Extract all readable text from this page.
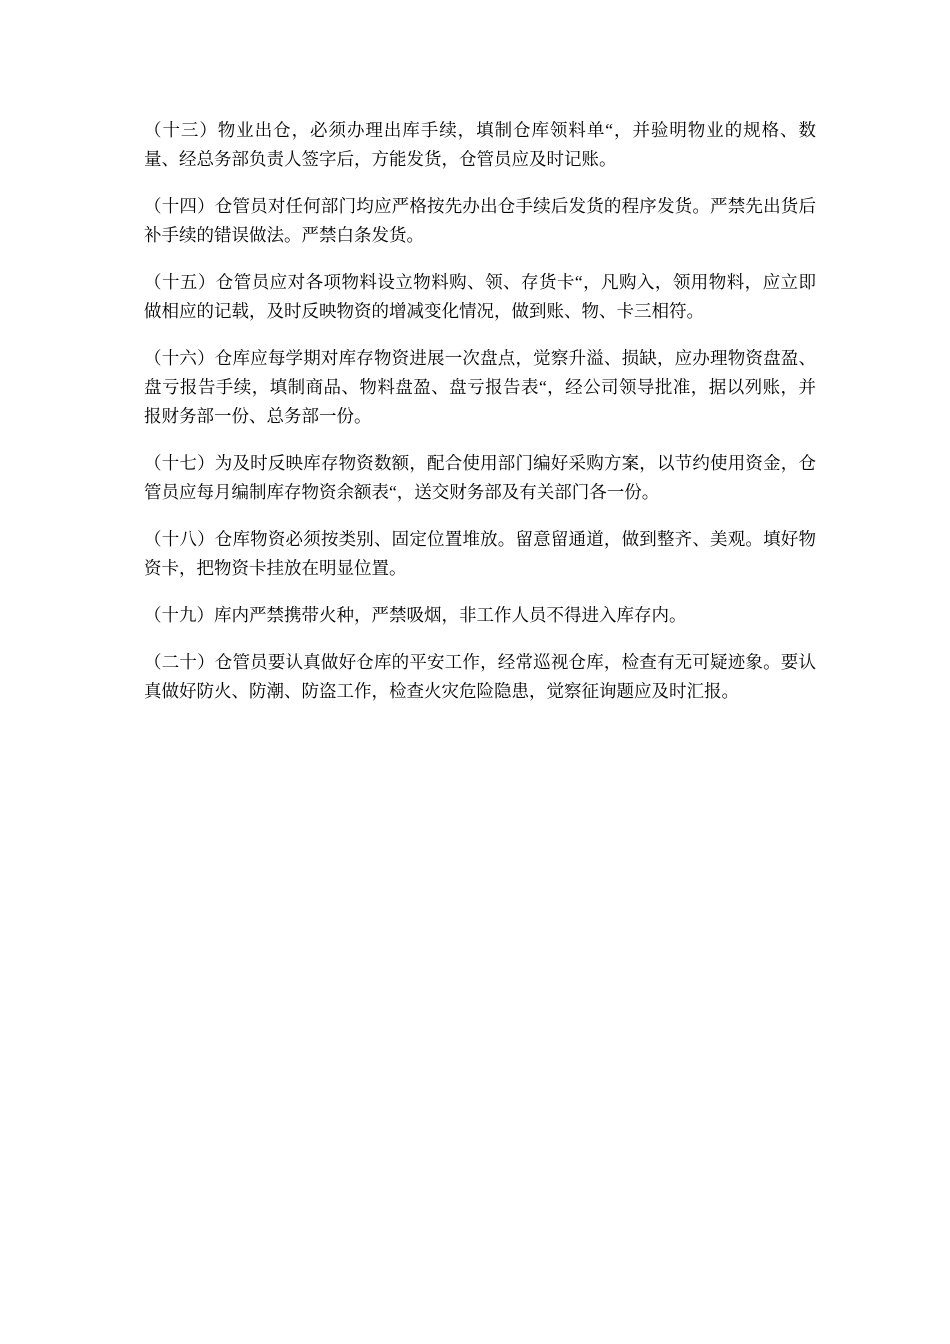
（十三）物业出仓，必须办理出库手续，填制仓库领料单“，并验明物业的规格、数量、经总务部负责人签字后，方能发货，仓管员应及时记账。

（十四）仓管员对任何部门均应严格按先办出仓手续后发货的程序发货。严禁先出货后补手续的错误做法。严禁白条发货。

（十五）仓管员应对各项物料设立物料购、领、存货卡“，凡购入，领用物料，应立即做相应的记载，及时反映物资的增减变化情况，做到账、物、卡三相符。

（十六）仓库应每学期对库存物资进展一次盘点，觉察升溢、损缺，应办理物资盘盈、盘亏报告手续，填制商品、物料盘盈、盘亏报告表“，经公司领导批准，据以列账，并报财务部一份、总务部一份。

（十七）为及时反映库存物资数额，配合使用部门编好采购方案，以节约使用资金，仓管员应每月编制库存物资余额表“，送交财务部及有关部门各一份。

（十八）仓库物资必须按类别、固定位置堆放。留意留通道，做到整齐、美观。填好物资卡，把物资卡挂放在明显位置。

（十九）库内严禁携带火种，严禁吸烟，非工作人员不得进入库存内。

（二十）仓管员要认真做好仓库的平安工作，经常巡视仓库，检查有无可疑迹象。要认真做好防火、防潮、防盗工作，检查火灾危险隐患，觉察征询题应及时汇报。
